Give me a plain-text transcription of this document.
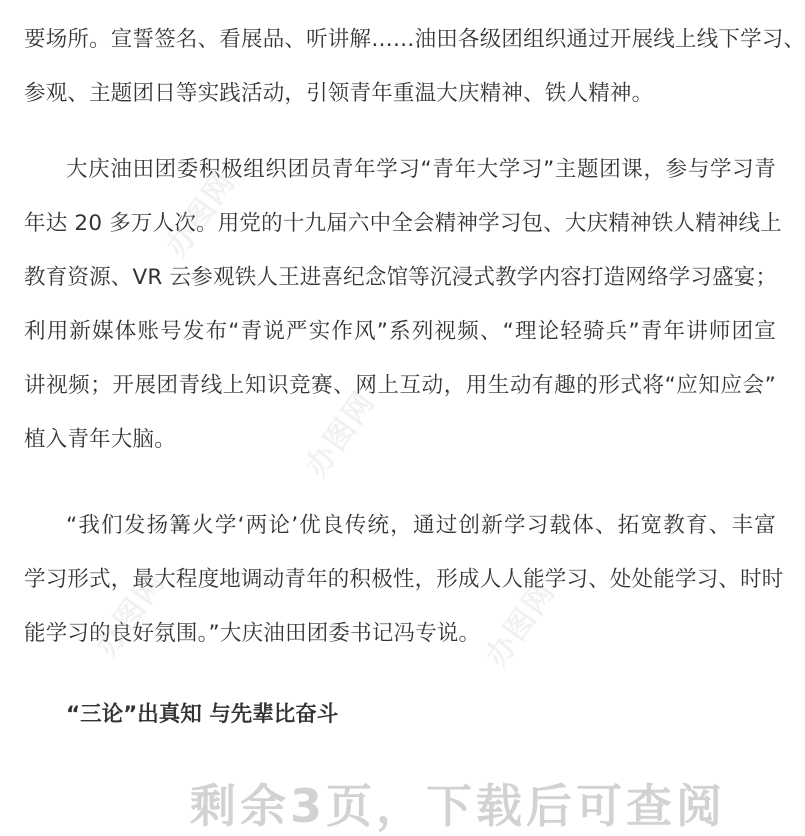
要场所。宣誓签名、看展品、听讲解……油田各级团组织通过开展线上线下学习、
参观、主题团日等实践活动，引领青年重温大庆精神、铁人精神。
大庆油田团委积极组织团员青年学习“青年大学习”主题团课，参与学习青
年达 20 多万人次。用党的十九届六中全会精神学习包、大庆精神铁人精神线上
教育资源、VR 云参观铁人王进喜纪念馆等沉浸式教学内容打造网络学习盛宴；
利用新媒体账号发布“青说严实作风”系列视频、“理论轻骑兵”青年讲师团宣
讲视频；开展团青线上知识竞赛、网上互动，用生动有趣的形式将“应知应会”
植入青年大脑。
“我们发扬篝火学‘两论’优良传统，通过创新学习载体、拓宽教育、丰富
学习形式，最大程度地调动青年的积极性，形成人人能学习、处处能学习、时时
能学习的良好氛围。”大庆油田团委书记冯专说。
“三论”出真知 与先辈比奋斗
办图网
办图网
办图网	办图网
剩余3页，下载后可查阅
